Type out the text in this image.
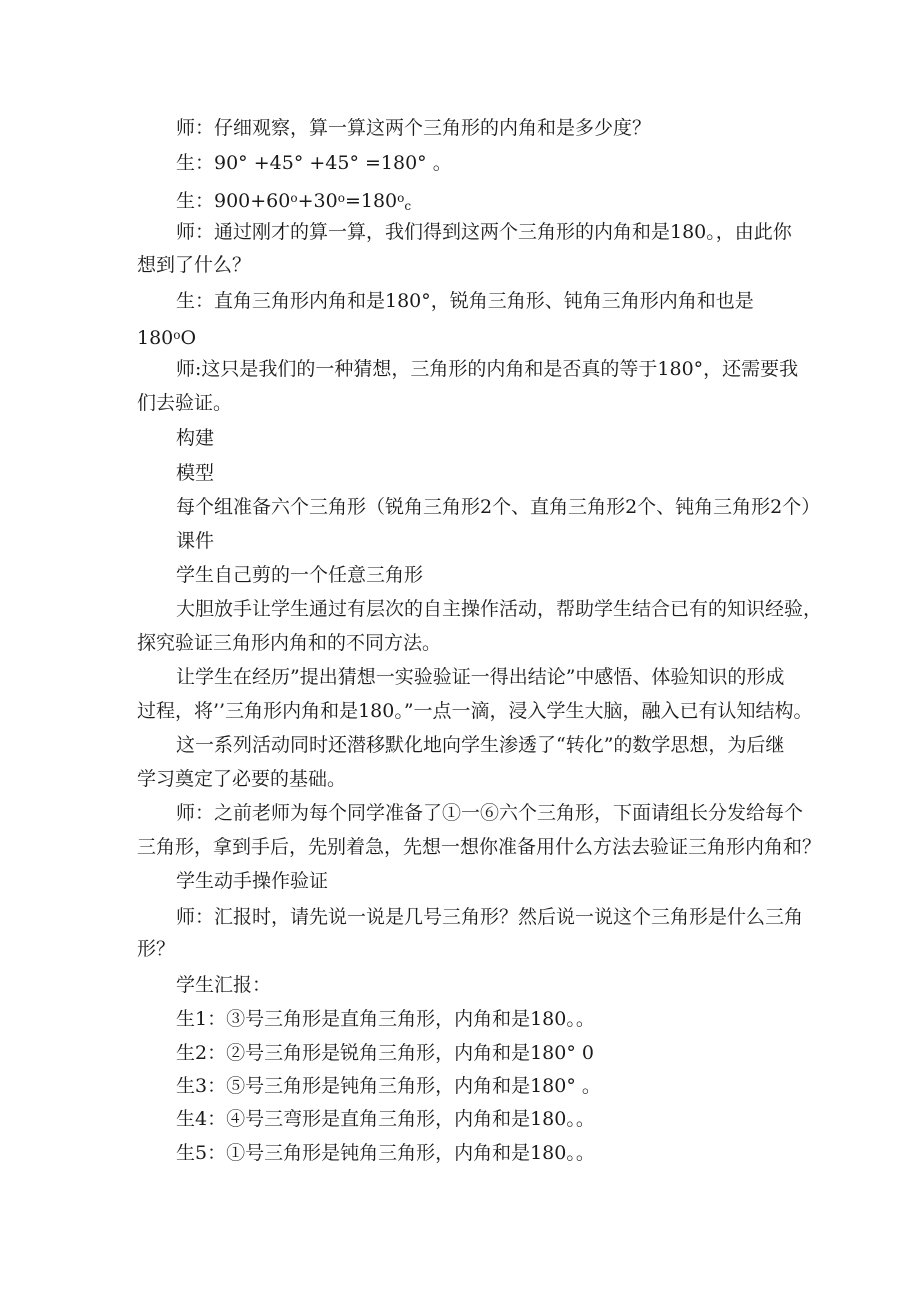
师：仔细观察，算一算这两个三角形的内角和是多少度？
生：90° +45° +45° =180° 。
生：$900+60^o+30^o=180^o_c$
师：通过刚才的算一算，我们得到这两个三角形的内角和是180。，由此你
想到了什么？
生：直角三角形内角和是180°，锐角三角形、钝角三角形内角和也是
180$^o$O
师:这只是我们的一种猜想，三角形的内角和是否真的等于180°，还需要我
们去验证。
构建
模型
每个组准备六个三角形（锐角三角形2个、直角三角形2个、钝角三角形2个）
课件
学生自己剪的一个任意三角形
大胆放手让学生通过有层次的自主操作活动，帮助学生结合已有的知识经验，
探究验证三角形内角和的不同方法。
让学生在经历”提出猜想一实验验证一得出结论”中感悟、体验知识的形成
过程，将’’三角形内角和是180。”一点一滴，浸入学生大脑，融入已有认知结构。
这一系列活动同时还潜移默化地向学生渗透了“转化”的数学思想，为后继
学习奠定了必要的基础。
师：之前老师为每个同学准备了①一⑥六个三角形，下面请组长分发给每个
三角形，拿到手后，先别着急，先想一想你准备用什么方法去验证三角形内角和？
学生动手操作验证
师：汇报时，请先说一说是几号三角形？然后说一说这个三角形是什么三角
形？
学生汇报：
生1：③号三角形是直角三角形，内角和是180。。
生2：②号三角形是锐角三角形，内角和是180° 0
生3：⑤号三角形是钝角三角形，内角和是180° 。
生4：④号三弯形是直角三角形，内角和是180。。
生5：①号三角形是钝角三角形，内角和是180。。
